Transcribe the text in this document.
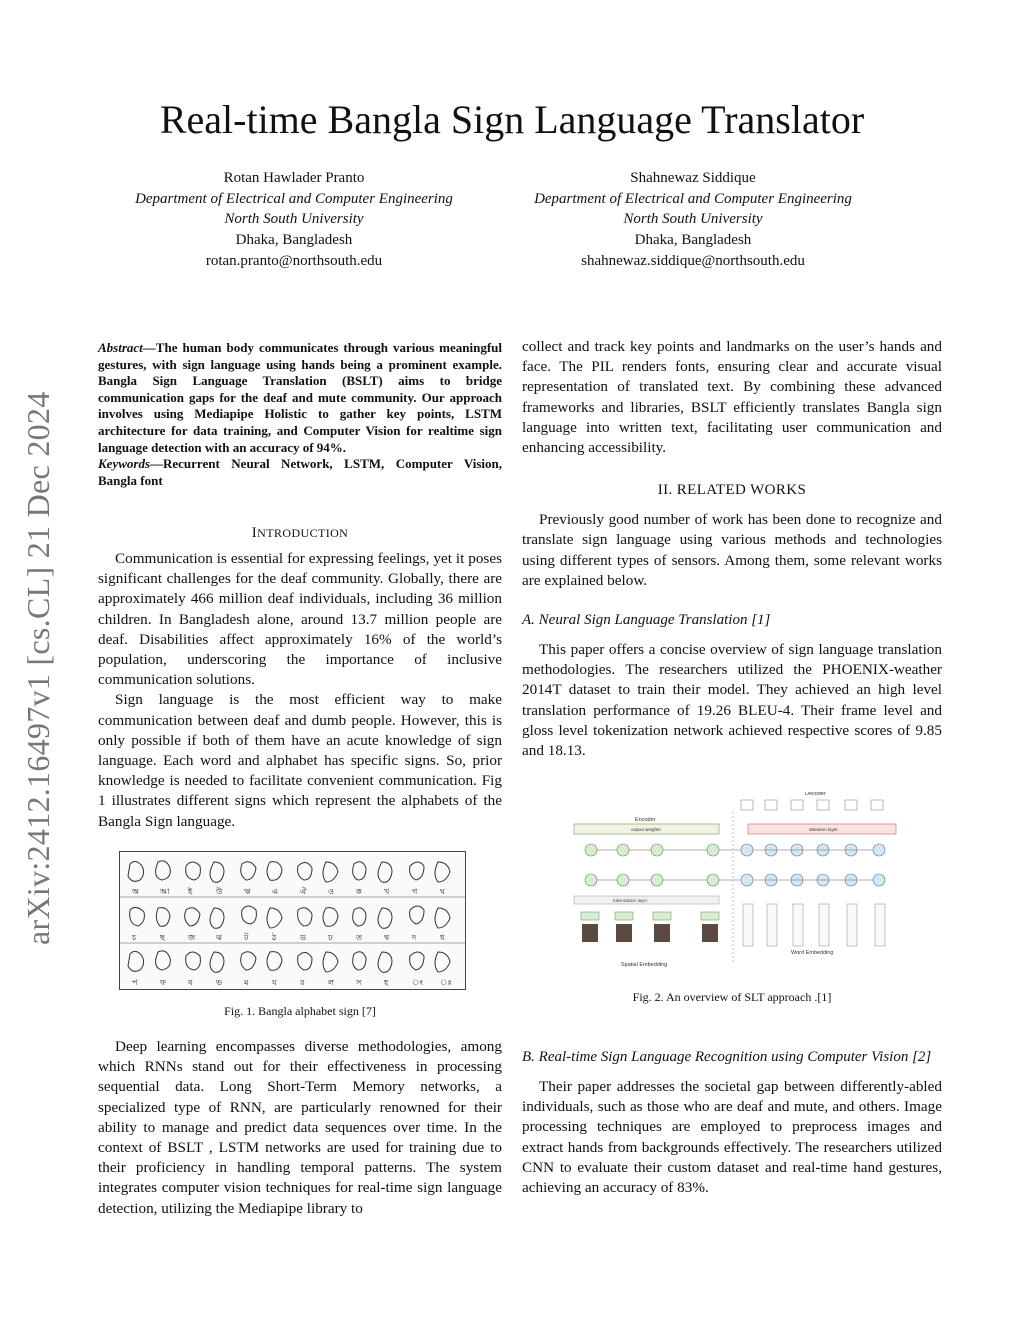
Real-time Bangla Sign Language Translator
Rotan Hawlader Pranto
Department of Electrical and Computer Engineering
North South University
Dhaka, Bangladesh
rotan.pranto@northsouth.edu
Shahnewaz Siddique
Department of Electrical and Computer Engineering
North South University
Dhaka, Bangladesh
shahnewaz.siddique@northsouth.edu
arXiv:2412.16497v1 [cs.CL] 21 Dec 2024

Abstract—The human body communicates through various meaningful gestures, with sign language using hands being a prominent example. Bangla Sign Language Translation (BSLT) aims to bridge communication gaps for the deaf and mute community. Our approach involves using Mediapipe Holistic to gather key points, LSTM architecture for data training, and Computer Vision for realtime sign language detection with an accuracy of 94%.

Keywords—Recurrent Neural Network, LSTM, Computer Vision, Bangla font

INTRODUCTION

Communication is essential for expressing feelings, yet it poses significant challenges for the deaf community. Globally, there are approximately 466 million deaf individuals, including 36 million children. In Bangladesh alone, around 13.7 million people are deaf. Disabilities affect approximately 16% of the world’s population, underscoring the importance of inclusive communication solutions.

Sign language is the most efficient way to make communication between deaf and dumb people. However, this is only possible if both of them have an acute knowledge of sign language. Each word and alphabet has specific signs. So, prior knowledge is needed to facilitate convenient communication. Fig 1 illustrates different signs which represent the alphabets of the Bangla Sign language.

অ	আ ই	উ	ঋ	এ	ঐ	ও	ক	খ	গ	ঘ
চ	ছ	জ	ঝ	ট	ঠ	ড	ঢ	ত	থ	দ	ধ
প	ফ	ব	ভ	ম	য	র	ল	স	হ	ং ঃ
Fig. 1. Bangla alphabet sign [7]

Deep learning encompasses diverse methodologies, among which RNNs stand out for their effectiveness in processing sequential data. Long Short-Term Memory networks, a specialized type of RNN, are particularly renowned for their ability to manage and predict data sequences over time. In the context of BSLT , LSTM networks are used for training due to their proficiency in handling temporal patterns. The system integrates computer vision techniques for real-time sign language detection, utilizing the Mediapipe library to

collect and track key points and landmarks on the user’s hands and face. The PIL renders fonts, ensuring clear and accurate visual representation of translated text. By combining these advanced frameworks and libraries, BSLT efficiently translates Bangla sign language into written text, facilitating user communication and enhancing accessibility.

II. RELATED WORKS

Previously good number of work has been done to recognize and translate sign language using various methods and technologies using different types of sensors. Among them, some relevant works are explained below.

A. Neural Sign Language Translation [1]

This paper offers a concise overview of sign language translation methodologies. The researchers utilized the PHOENIX-weather 2014T dataset to train their model. They achieved an high level translation performance of 19.26 BLEU-4. Their frame level and gloss level tokenization network achieved respective scores of 9.85 and 18.13.

Decoder
Encoder
output weights	attention layer
tokenization layer
Spatial Embedding
Word Embedding
Fig. 2. An overview of SLT approach .[1]

B. Real-time Sign Language Recognition using Computer Vision [2]

Their paper addresses the societal gap between differently-abled individuals, such as those who are deaf and mute, and others. Image processing techniques are employed to preprocess images and extract hands from backgrounds effectively. The researchers utilized CNN to evaluate their custom dataset and real-time hand gestures, achieving an accuracy of 83%.
